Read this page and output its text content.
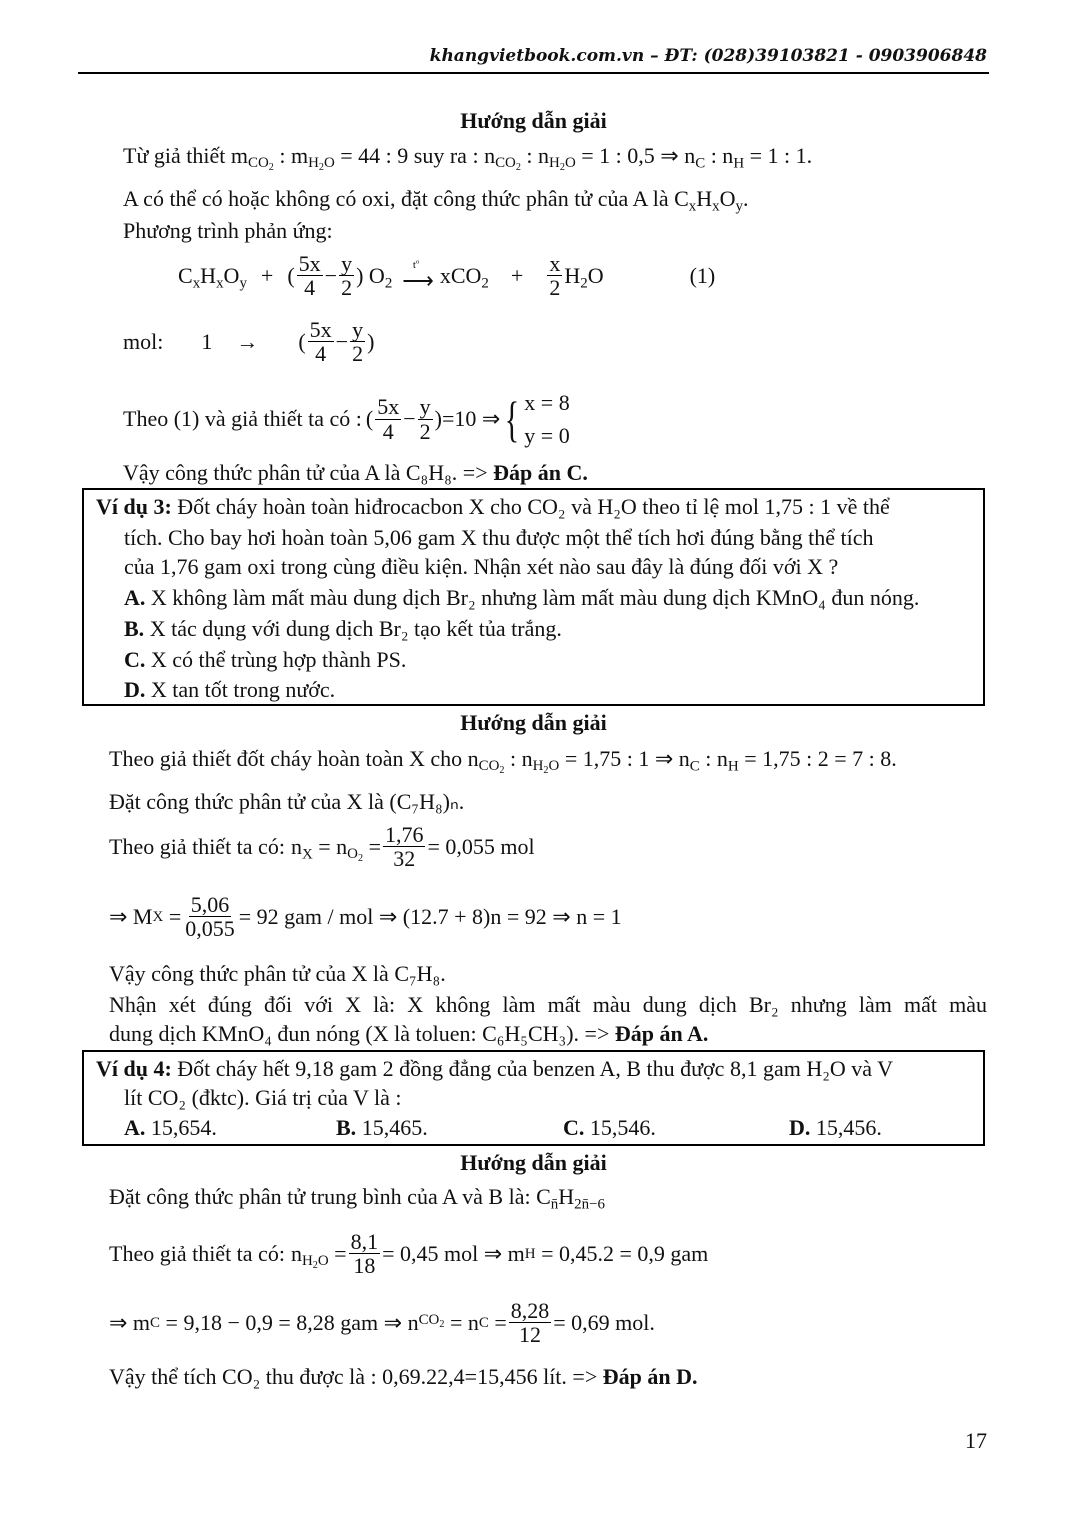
khangvietbook.com.vn – ĐT: (028)39103821 - 0903906848
Hướng dẫn giải
Từ giả thiết $m_{CO_2}$ : $m_{H_2O} = 44$ : 9 suy ra : $n_{CO_2}$ : $n_{H_2O} = 1$ : 0,5 ⇒ $n_C$ : $n_H = 1$ : 1.
A có thể có hoặc không có oxi, đặt công thức phân tử của A là $C_xH_xO_y$.
Phương trình phản ứng:
$C_xH_xO_y$ + ( $\frac{5x}{4} - \frac{y}{2}$ ) $O_2$
$t^o$
⟶ $xCO_2 + \frac{x}{2} H_2O$	(1)
mol: 1 → ( $\frac{5x}{4} - \frac{y}{2}$ )
Theo (1) và giả thiết ta có : ( $\frac{5x}{4} - \frac{y}{2}$ ) =10 ⇒ { x = 8
y = 0
Vậy công thức phân tử của A là C₈H₈. => Đáp án C.
Ví dụ 3: Đốt cháy hoàn toàn hiđrocacbon X cho CO₂ và H₂O theo tỉ lệ mol 1,75 : 1 về thể
tích. Cho bay hơi hoàn toàn 5,06 gam X thu được một thể tích hơi đúng bằng thể tích
của 1,76 gam oxi trong cùng điều kiện. Nhận xét nào sau đây là đúng đối với X ?
A. X không làm mất màu dung dịch Br₂ nhưng làm mất màu dung dịch KMnO₄ đun nóng.
B. X tác dụng với dung dịch Br₂ tạo kết tủa trắng.
C. X có thể trùng hợp thành PS.
D. X tan tốt trong nước.
Hướng dẫn giải
Theo giả thiết đốt cháy hoàn toàn X cho $n_{CO_2}$ : $n_{H_2O} = 1,75$ : 1 ⇒ $n_C$ : $n_H = 1,75$ : 2 = 7 : 8.
Đặt công thức phân tử của X là (C₇H₈)ₙ.
Theo giả thiết ta có: $n_X = n_{O_2} = \frac{1,76}{32} = 0,055$ mol
⇒ M $X = \frac{5,06}{0,055} = 92$ gam / mol ⇒ (12.7 + 8)n = 92 ⇒ n = 1
Vậy công thức phân tử của X là C₇H₈.
Nhận xét đúng đối với X là: X không làm mất màu dung dịch Br₂ nhưng làm mất màu
dung dịch KMnO₄ đun nóng (X là toluen: C₆H₅CH₃). => Đáp án A.
Ví dụ 4: Đốt cháy hết 9,18 gam 2 đồng đẳng của benzen A, B thu được 8,1 gam H₂O và V
lít CO₂ (đktc). Giá trị của V là :
A. 15,654.	B. 15,465.	C. 15,546.	D. 15,456.
Hướng dẫn giải
Đặt công thức phân tử trung bình của A và B là: $C_{n̄}H_{2n̄-6}$
Theo giả thiết ta có: $n_{H_2O} = \frac{8,1}{18} = 0,45$ mol ⇒ m H
= 0,45.2 = 0,9 gam
⇒ m C
= 9,18 − 0,9 = 8,28 gam ⇒ n $CO_2 = n$ $C = \frac{8,28}{12} = 0,69$ mol.
Vậy thể tích CO₂ thu được là : 0,69.22,4=15,456 lít. => Đáp án D.
17
